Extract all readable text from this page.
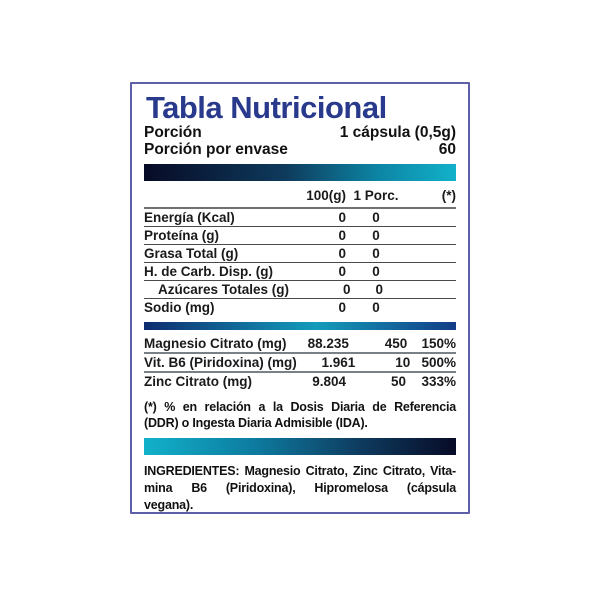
Tabla Nutricional
Porción	1 cápsula (0,5g)
Porción por envase	60
100(g) 1 Porc.	(*)
Energía (Kcal)	0	0
Proteína (g)	0	0
Grasa Total (g)	0	0
H. de Carb. Disp. (g)	0	0
Azúcares Totales (g)	0	0
Sodio (mg)	0	0
Magnesio Citrato (mg)	88.235	450	150%
Vit. B6 (Piridoxina) (mg)	1.961	10 500%
Zinc Citrato (mg)	9.804	50	333%
(*) % en relación a la Dosis Diaria de Referencia
(DDR) o Ingesta Diaria Admisible (IDA).
INGREDIENTES: Magnesio Citrato, Zinc Citrato, Vita-
mina B6 (Piridoxina), Hipromelosa (cápsula
vegana).
